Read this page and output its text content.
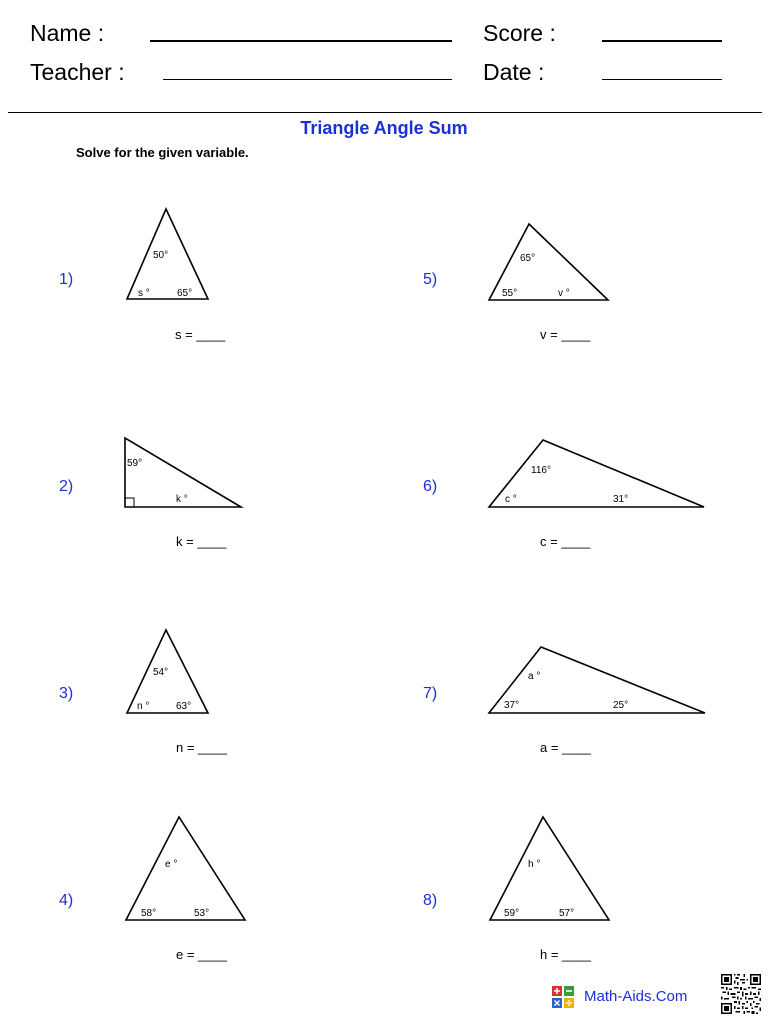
Name :
Teacher :
Score :
Date :
Triangle Angle Sum
Solve for the given variable.
1)
50°
s °	65°
s = ____
2)
59°
k °
k = ____
3)
54°
n °	63°
n = ____
4)
e °
58°	53°
e = ____
5)
65°
55°	v °
v = ____
6)
116°
c °	31°
c = ____
7)
a °
37°	25°
a = ____
8)
h °
59°	57°
h = ____
Math-Aids.Com
